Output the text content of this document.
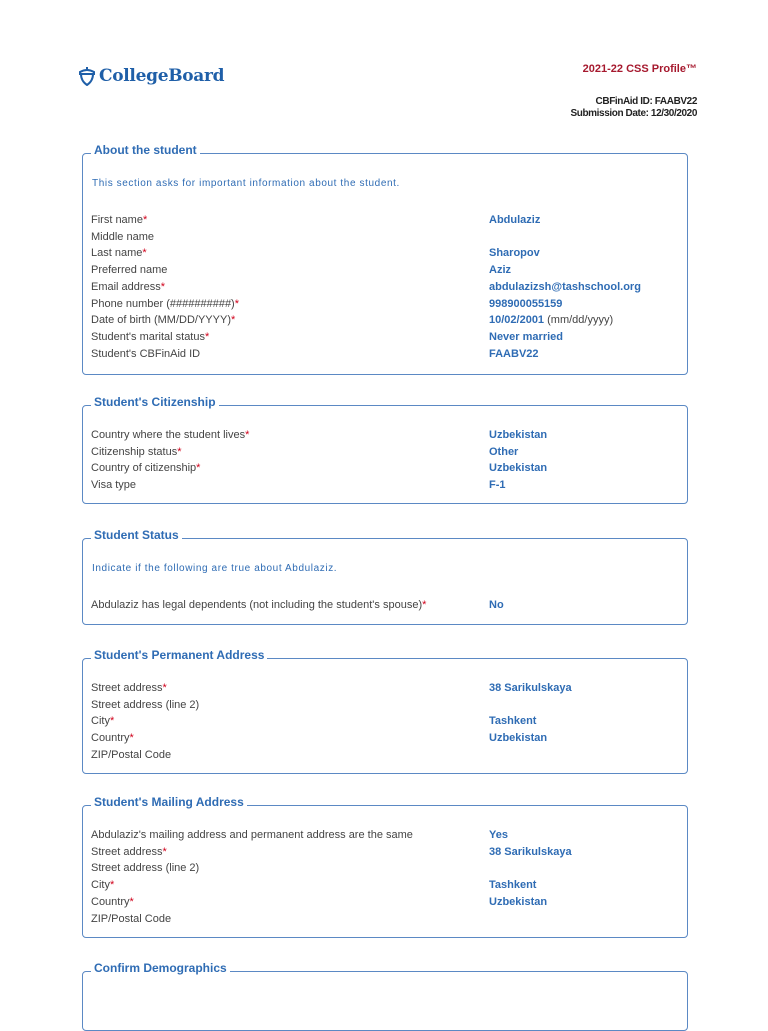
CollegeBoard	2021-22 CSS Profile™
CBFinAid ID: FAABV22
Submission Date: 12/30/2020
About the student
This section asks for important information about the student.
First name*	Abdulaziz
Middle name
Last name*	Sharopov
Preferred name	Aziz
Email address*	abdulazizsh@tashschool.org
Phone number (##########)*	998900055159
Date of birth (MM/DD/YYYY)*	10/02/2001 (mm/dd/yyyy)
Student's marital status*	Never married
Student's CBFinAid ID	FAABV22
Student's Citizenship
Country where the student lives*	Uzbekistan
Citizenship status*	Other
Country of citizenship*	Uzbekistan
Visa type	F-1
Student Status
Indicate if the following are true about Abdulaziz.
Abdulaziz has legal dependents (not including the student's spouse)*	No
Student's Permanent Address
Street address*	38 Sarikulskaya
Street address (line 2)
City*	Tashkent
Country*	Uzbekistan
ZIP/Postal Code
Student's Mailing Address
Abdulaziz's mailing address and permanent address are the same	Yes
Street address*	38 Sarikulskaya
Street address (line 2)
City*	Tashkent
Country*	Uzbekistan
ZIP/Postal Code
Confirm Demographics
